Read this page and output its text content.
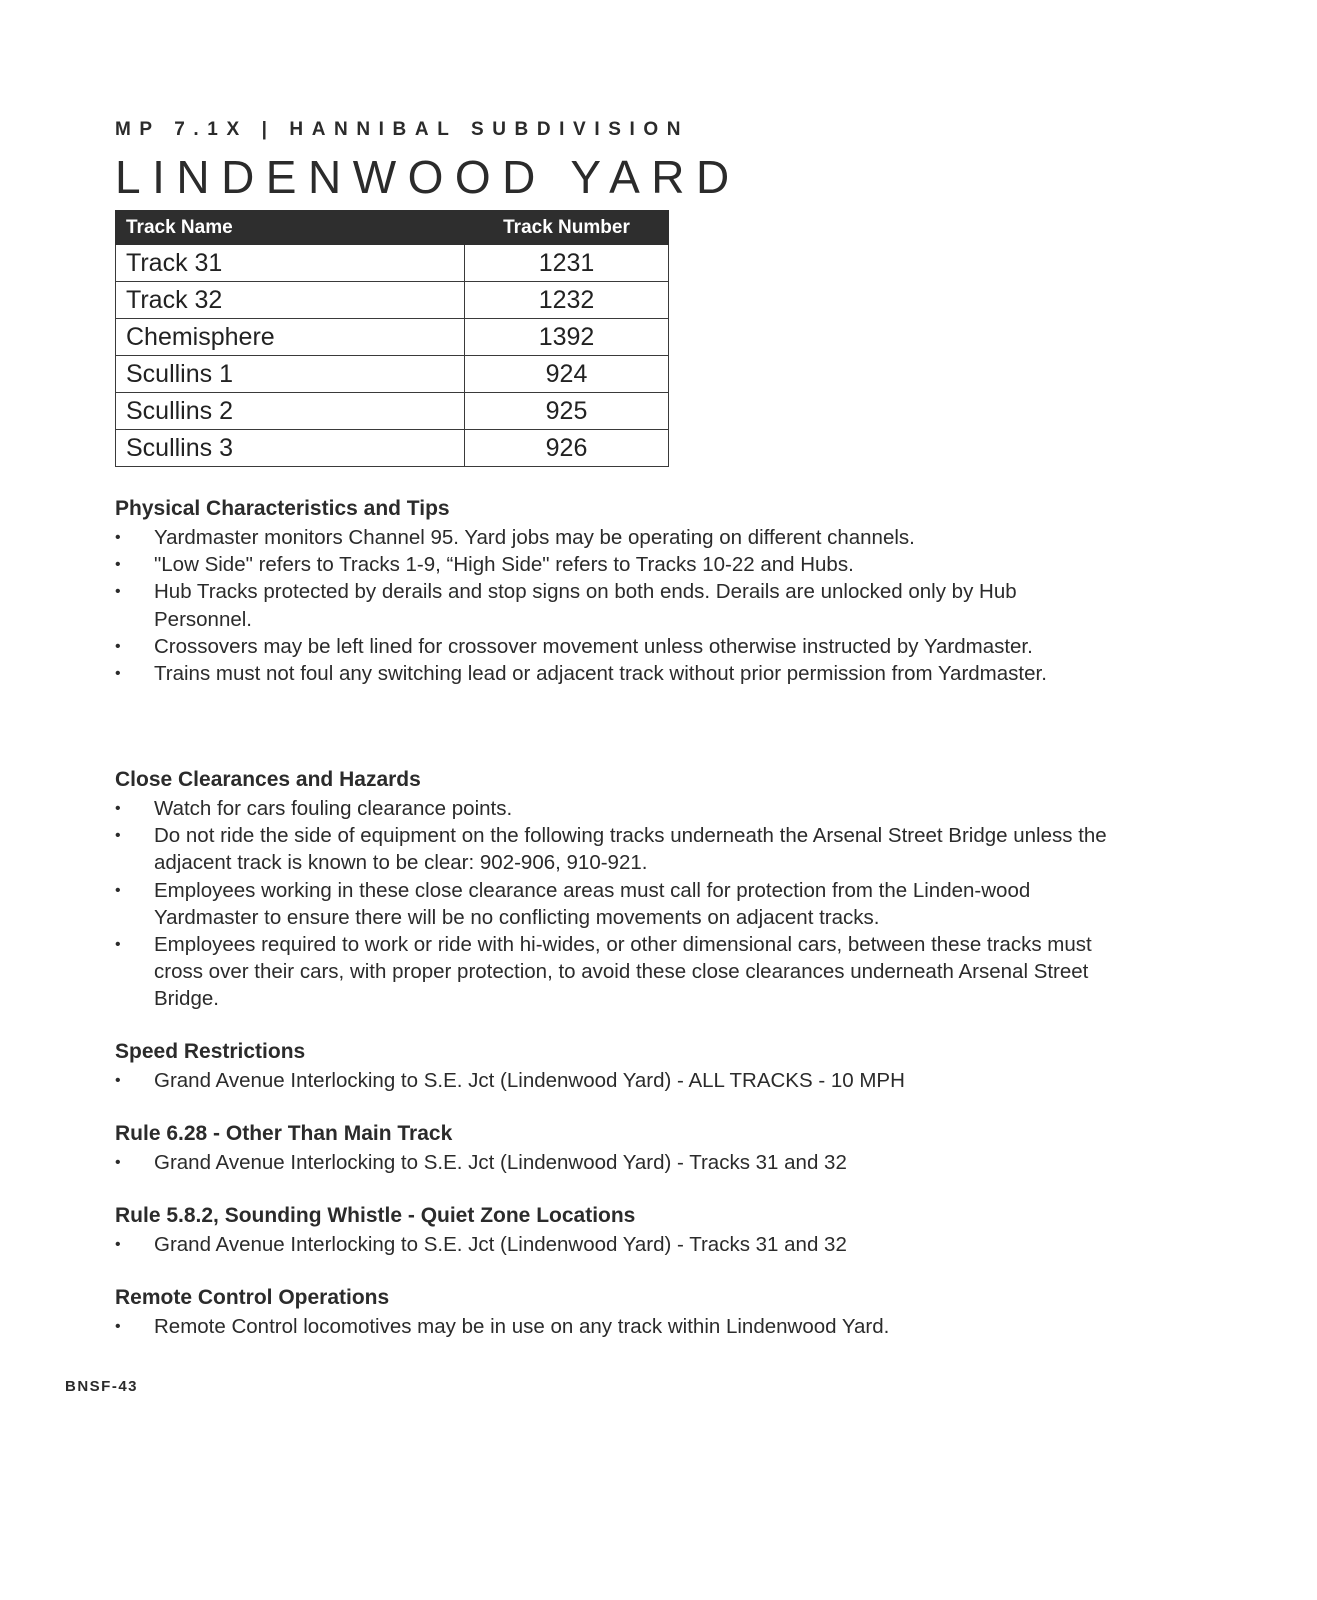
MP 7.1X | HANNIBAL SUBDIVISION
LINDENWOOD YARD
Track Name	Track Number
Track 31	1231
Track 32	1232
Chemisphere	1392
Scullins 1	924
Scullins 2	925
Scullins 3	926
Physical Characteristics and Tips
• Yardmaster monitors Channel 95. Yard jobs may be operating on different channels.
• "Low Side" refers to Tracks 1-9, “High Side" refers to Tracks 10-22 and Hubs.
• Hub Tracks protected by derails and stop signs on both ends. Derails are unlocked only by Hub Personnel.
• Crossovers may be left lined for crossover movement unless otherwise instructed by Yardmaster.
• Trains must not foul any switching lead or adjacent track without prior permission from Yardmaster.
Close Clearances and Hazards
• Watch for cars fouling clearance points.
• Do not ride the side of equipment on the following tracks underneath the Arsenal Street Bridge unless the adjacent track is known to be clear: 902-906, 910-921.
• Employees working in these close clearance areas must call for protection from the Linden-wood Yardmaster to ensure there will be no conflicting movements on adjacent tracks.
• Employees required to work or ride with hi-wides, or other dimensional cars, between these tracks must cross over their cars, with proper protection, to avoid these close clearances underneath Arsenal Street Bridge.
Speed Restrictions
• Grand Avenue Interlocking to S.E. Jct (Lindenwood Yard) - ALL TRACKS - 10 MPH
Rule 6.28 - Other Than Main Track
• Grand Avenue Interlocking to S.E. Jct (Lindenwood Yard) - Tracks 31 and 32
Rule 5.8.2, Sounding Whistle - Quiet Zone Locations
• Grand Avenue Interlocking to S.E. Jct (Lindenwood Yard) - Tracks 31 and 32
Remote Control Operations
• Remote Control locomotives may be in use on any track within Lindenwood Yard.
BNSF-43
